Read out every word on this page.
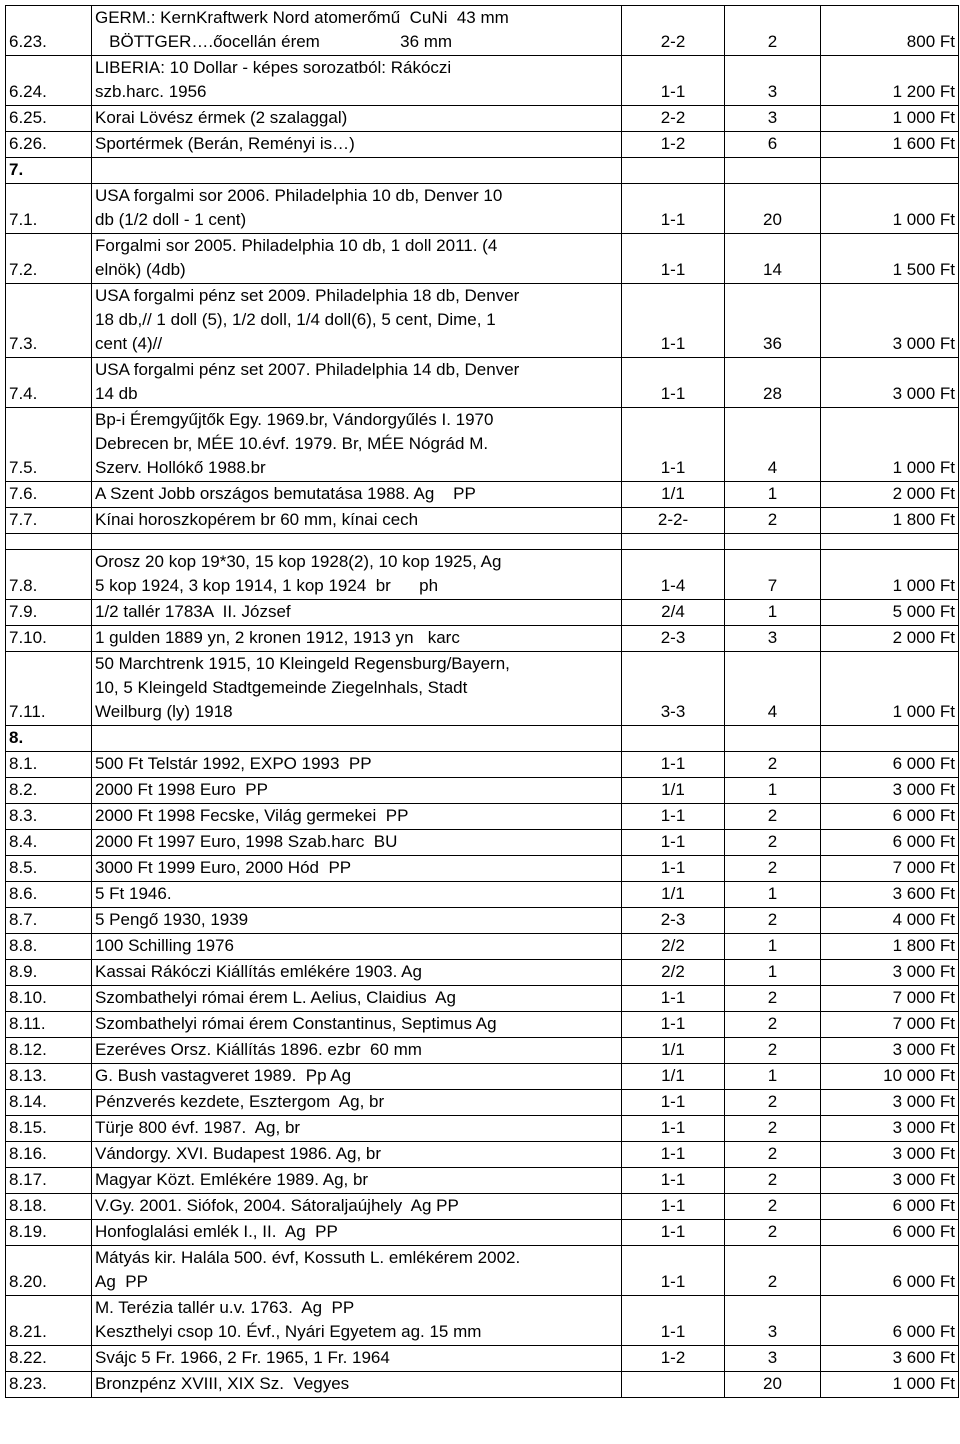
6.23.	GERM.: KernKraftwerk Nord atomerőmű  CuNi  43 mm
BÖTTGER….őocellán érem                 36 mm	2-2	2	800 Ft
6.24.	LIBERIA: 10 Dollar - képes sorozatból: Rákóczi
szb.harc. 1956	1-1	3	1 200 Ft
6.25.	Korai Lövész érmek (2 szalaggal)	2-2	3	1 000 Ft
6.26.	Sportérmek (Berán, Reményi is…)	1-2	6	1 600 Ft
7.				
7.1.	USA forgalmi sor 2006. Philadelphia 10 db, Denver 10
db (1/2 doll - 1 cent)	1-1	20	1 000 Ft
7.2.	Forgalmi sor 2005. Philadelphia 10 db, 1 doll 2011. (4
elnök) (4db)	1-1	14	1 500 Ft
7.3.	USA forgalmi pénz set 2009. Philadelphia 18 db, Denver
18 db,// 1 doll (5), 1/2 doll, 1/4 doll(6), 5 cent, Dime, 1
cent (4)//	1-1	36	3 000 Ft
7.4.	USA forgalmi pénz set 2007. Philadelphia 14 db, Denver
14 db	1-1	28	3 000 Ft
7.5.	Bp-i Éremgyűjtők Egy. 1969.br, Vándorgyűlés I. 1970
Debrecen br, MÉE 10.évf. 1979. Br, MÉE Nógrád M.
Szerv. Hollókő 1988.br	1-1	4	1 000 Ft
7.6.	A Szent Jobb országos bemutatása 1988. Ag    PP	1/1	1	2 000 Ft
7.7.	Kínai horoszkopérem br 60 mm, kínai cech	2-2-	2	1 800 Ft

7.8.	Orosz 20 kop 19*30, 15 kop 1928(2), 10 kop 1925, Ag
5 kop 1924, 3 kop 1914, 1 kop 1924  br      ph	1-4	7	1 000 Ft
7.9.	1/2 tallér 1783A  II. József	2/4	1	5 000 Ft
7.10.	1 gulden 1889 yn, 2 kronen 1912, 1913 yn   karc	2-3	3	2 000 Ft
7.11.	50 Marchtrenk 1915, 10 Kleingeld Regensburg/Bayern,
10, 5 Kleingeld Stadtgemeinde Ziegelnhals, Stadt
Weilburg (ly) 1918	3-3	4	1 000 Ft
8.				
8.1.	500 Ft Telstár 1992, EXPO 1993  PP	1-1	2	6 000 Ft
8.2.	2000 Ft 1998 Euro  PP	1/1	1	3 000 Ft
8.3.	2000 Ft 1998 Fecske, Világ germekei  PP	1-1	2	6 000 Ft
8.4.	2000 Ft 1997 Euro, 1998 Szab.harc  BU	1-1	2	6 000 Ft
8.5.	3000 Ft 1999 Euro, 2000 Hód  PP	1-1	2	7 000 Ft
8.6.	5 Ft 1946.	1/1	1	3 600 Ft
8.7.	5 Pengő 1930, 1939	2-3	2	4 000 Ft
8.8.	100 Schilling 1976	2/2	1	1 800 Ft
8.9.	Kassai Rákóczi Kiállítás emlékére 1903. Ag	2/2	1	3 000 Ft
8.10.	Szombathelyi római érem L. Aelius, Claidius  Ag	1-1	2	7 000 Ft
8.11.	Szombathelyi római érem Constantinus, Septimus Ag	1-1	2	7 000 Ft
8.12.	Ezeréves Orsz. Kiállítás 1896. ezbr  60 mm	1/1	2	3 000 Ft
8.13.	G. Bush vastagveret 1989.  Pp Ag	1/1	1	10 000 Ft
8.14.	Pénzverés kezdete, Esztergom  Ag, br	1-1	2	3 000 Ft
8.15.	Türje 800 évf. 1987.  Ag, br	1-1	2	3 000 Ft
8.16.	Vándorgy. XVI. Budapest 1986. Ag, br	1-1	2	3 000 Ft
8.17.	Magyar Közt. Emlékére 1989. Ag, br	1-1	2	3 000 Ft
8.18.	V.Gy. 2001. Siófok, 2004. Sátoraljaújhely  Ag PP	1-1	2	6 000 Ft
8.19.	Honfoglalási emlék I., II.  Ag  PP	1-1	2	6 000 Ft
8.20.	Mátyás kir. Halála 500. évf, Kossuth L. emlékérem 2002.
Ag  PP	1-1	2	6 000 Ft
8.21.	M. Terézia tallér u.v. 1763.  Ag  PP
Keszthelyi csop 10. Évf., Nyári Egyetem ag. 15 mm	1-1	3	6 000 Ft
8.22.	Svájc 5 Fr. 1966, 2 Fr. 1965, 1 Fr. 1964	1-2	3	3 600 Ft
8.23.	Bronzpénz XVIII, XIX Sz.  Vegyes		20	1 000 Ft
